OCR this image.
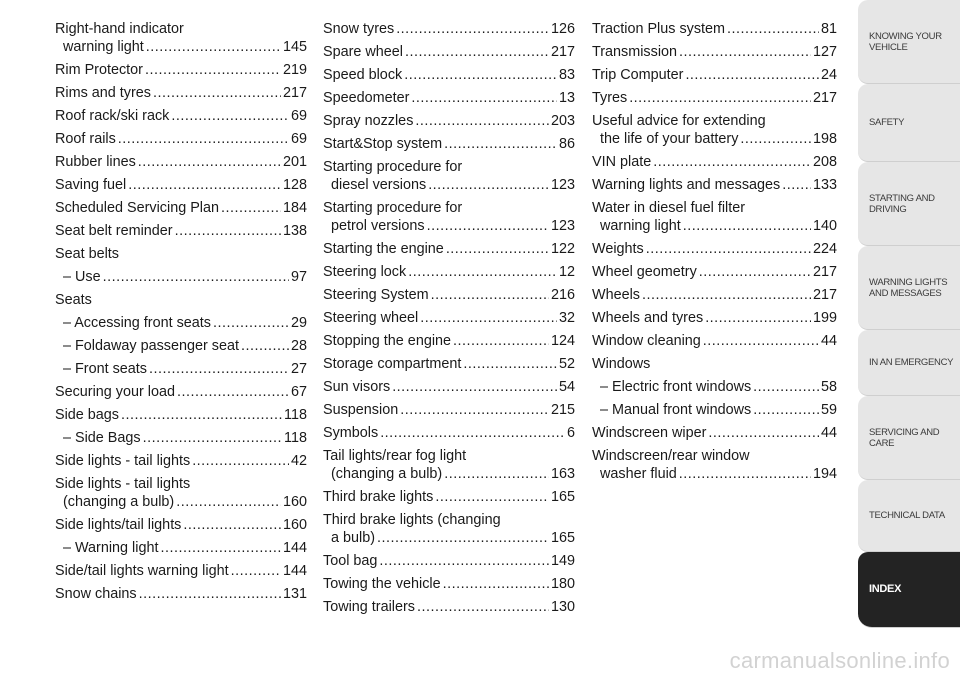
Right-hand indicator
warning light .....	145
Rim Protector .....	219
Rims and tyres .....	217
Roof rack/ski rack .....	69
Roof rails .....	69
Rubber lines .....	201
Saving fuel .....	128
Scheduled Servicing Plan .....	184
Seat belt reminder .....	138
Seat belts
– Use .....	97
Seats
– Accessing front seats .....	29
– Foldaway passenger seat .....	28
– Front seats .....	27
Securing your load .....	67
Side bags .....	118
– Side Bags .....	118
Side lights - tail lights .....	42
Side lights - tail lights
(changing a bulb) .....	160
Side lights/tail lights .....	160
– Warning light .....	144
Side/tail lights warning light .....	144
Snow chains .....	131
Snow tyres .....	126
Spare wheel .....	217
Speed block .....	83
Speedometer .....	13
Spray nozzles .....	203
Start&Stop system .....	86
Starting procedure for
diesel versions .....	123
Starting procedure for
petrol versions .....	123
Starting the engine .....	122
Steering lock .....	12
Steering System .....	216
Steering wheel .....	32
Stopping the engine .....	124
Storage compartment .....	52
Sun visors .....	54
Suspension .....	215
Symbols .....	6
Tail lights/rear fog light
(changing a bulb) .....	163
Third brake lights .....	165
Third brake lights (changing
a bulb) .....	165
Tool bag .....	149
Towing the vehicle .....	180
Towing trailers .....	130
Traction Plus system .....	81
Transmission .....	127
Trip Computer .....	24
Tyres .....	217
Useful advice for extending
the life of your battery .....	198
VIN plate .....	208
Warning lights and messages ..... 133
Water in diesel fuel filter
warning light .....	140
Weights .....	224
Wheel geometry .....	217
Wheels .....	217
Wheels and tyres .....	199
Window cleaning .....	44
Windows
– Electric front windows .....	58
– Manual front windows .....	59
Windscreen wiper .....	44
Windscreen/rear window
washer fluid .....	194
KNOWING YOUR
VEHICLE
SAFETY
STARTING AND
DRIVING
WARNING LIGHTS
AND MESSAGES
IN AN EMERGENCY
SERVICING AND
CARE
TECHNICAL DATA
INDEX
carmanualsonline.info
